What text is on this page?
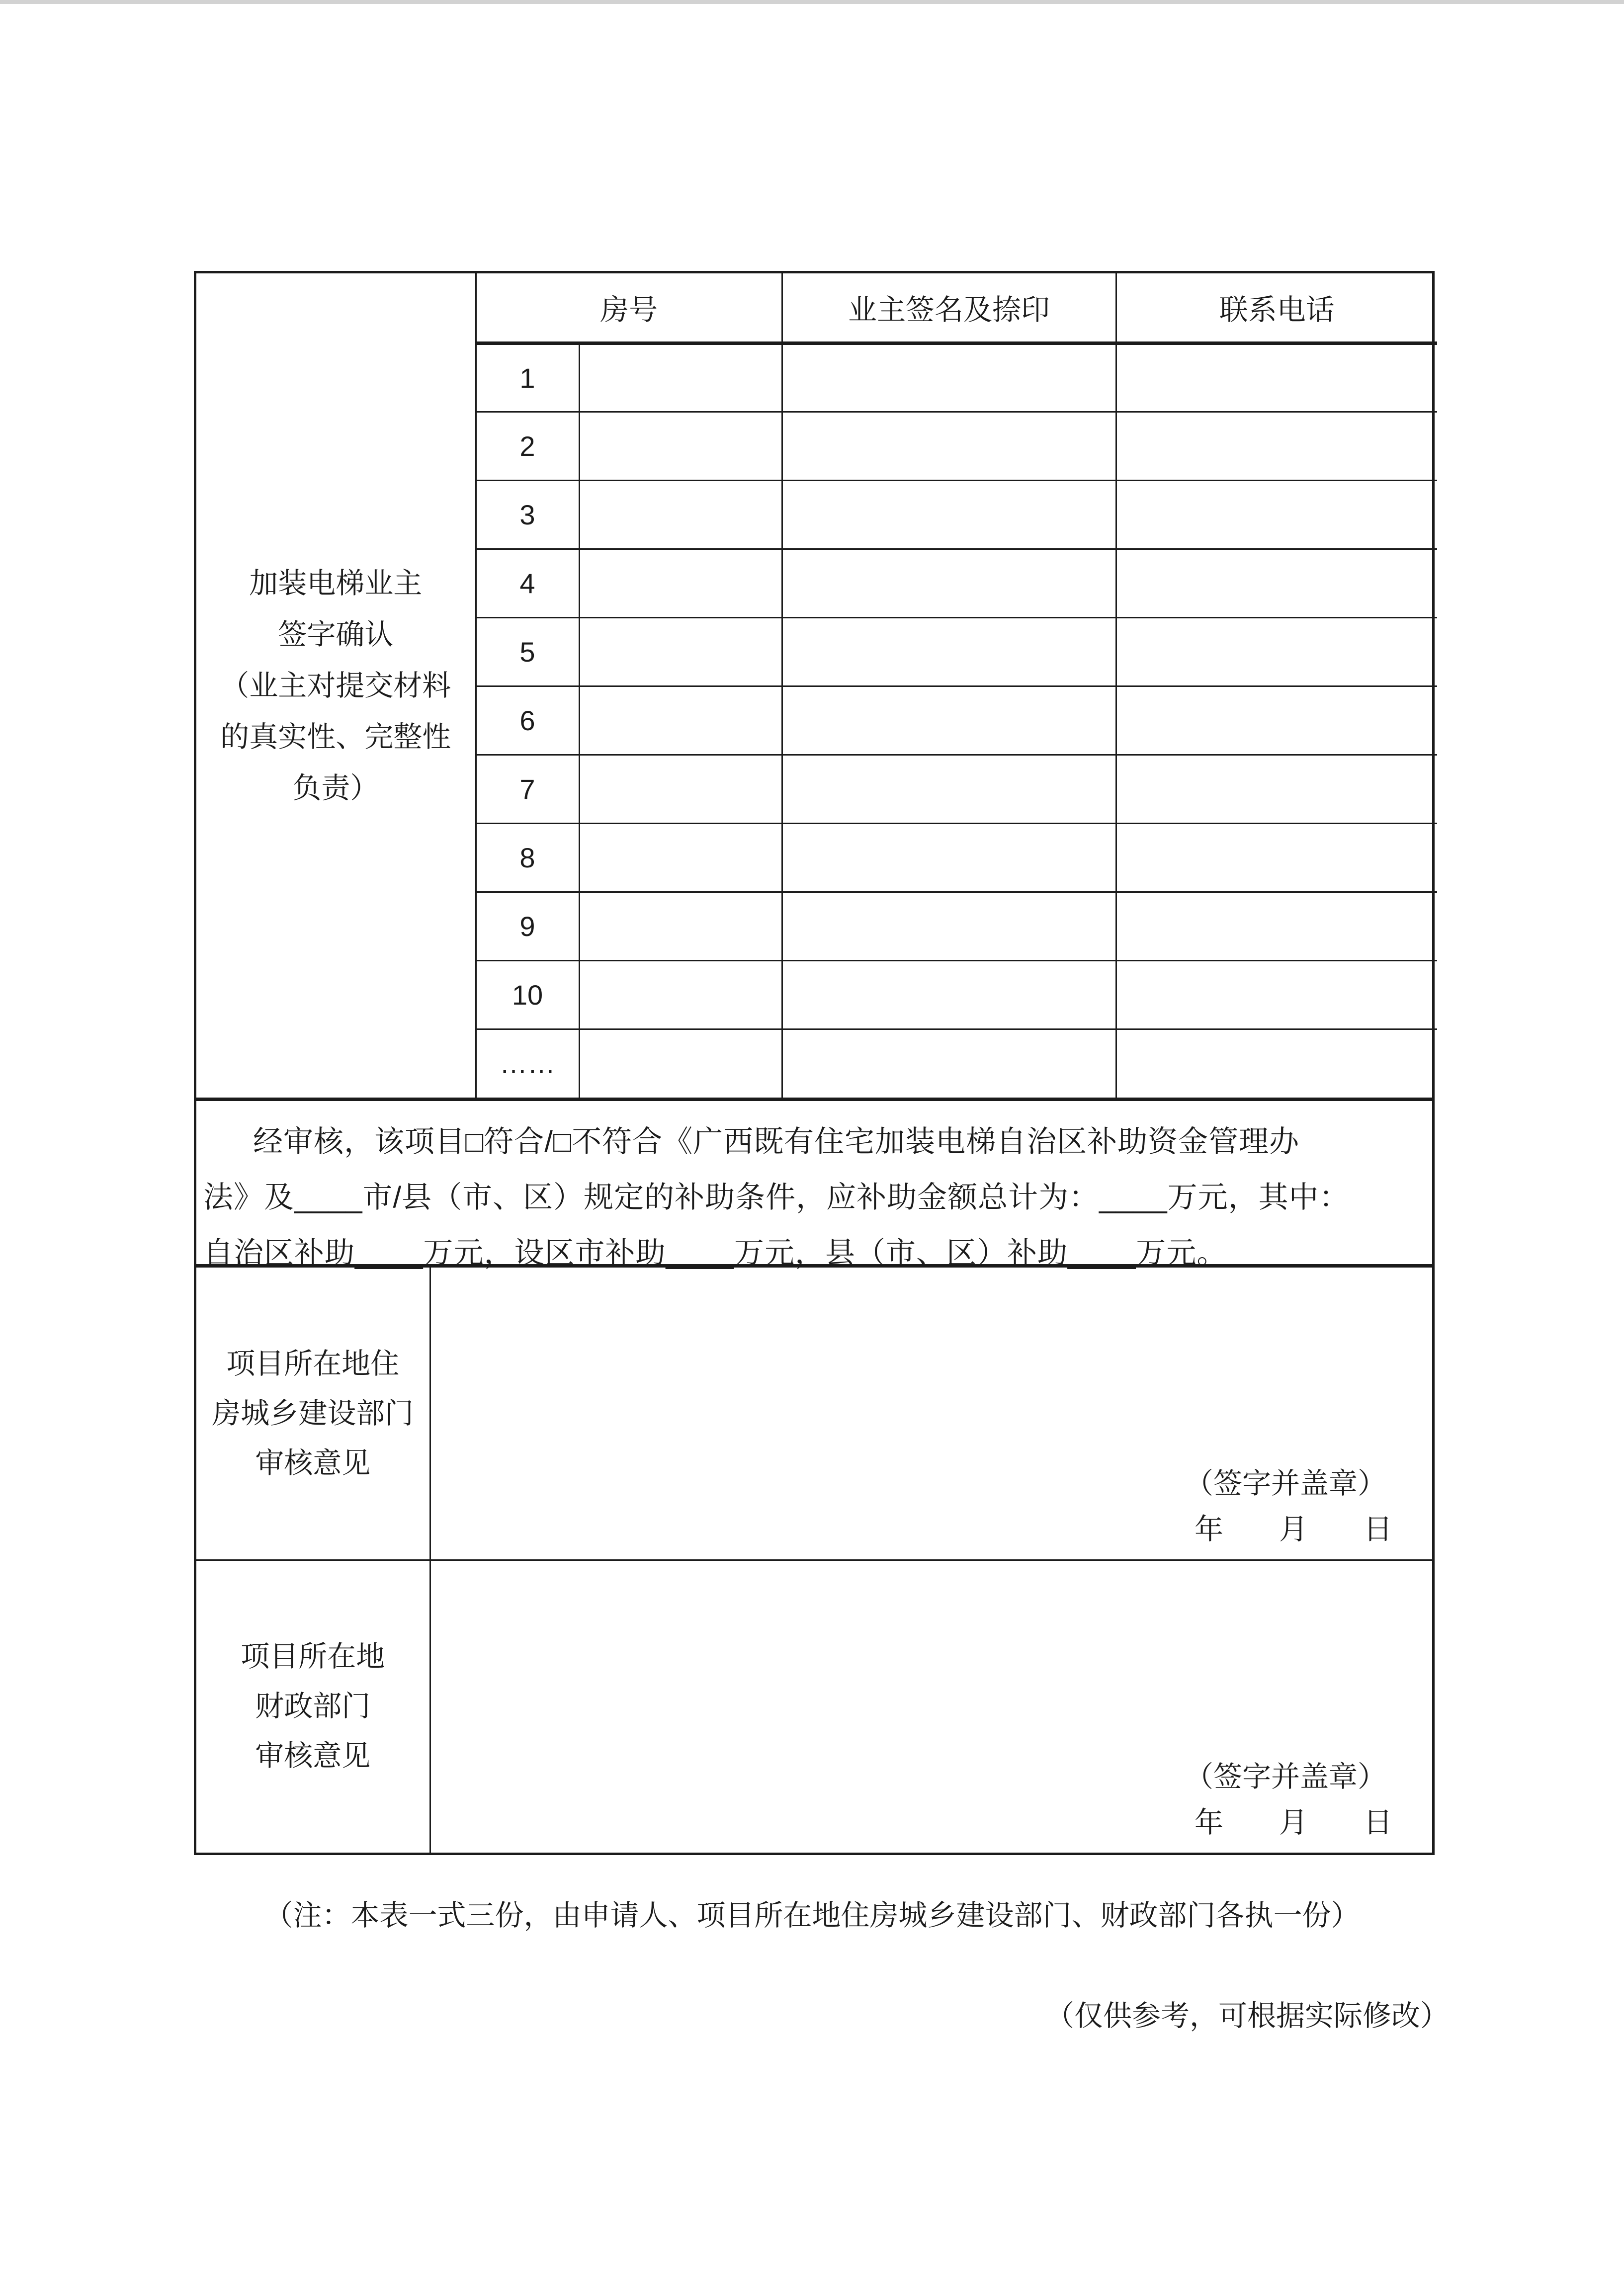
加装电梯业主
签字确认
（业主对提交材料
的真实性、完整性
负责）	房号		业主签名及捺印	联系电话
	1			
	2			
	3			
	4			
	5			
	6			
	7			
	8			
	9			
	10			
	……			
经审核，该项目□符合/□不符合《广西既有住宅加装电梯自治区补助资金管理办
法》及____市/县（市、区）规定的补助条件，应补助金额总计为：____万元，其中：
自治区补助____万元，设区市补助____万元，县（市、区）补助____万元。
项目所在地住
房城乡建设部门
审核意见

（签字并盖章）
年 月 日

项目所在地
财政部门
审核意见

（签字并盖章）
年 月 日
（注：本表一式三份，由申请人、项目所在地住房城乡建设部门、财政部门各执一份）
（仅供参考，可根据实际修改）
